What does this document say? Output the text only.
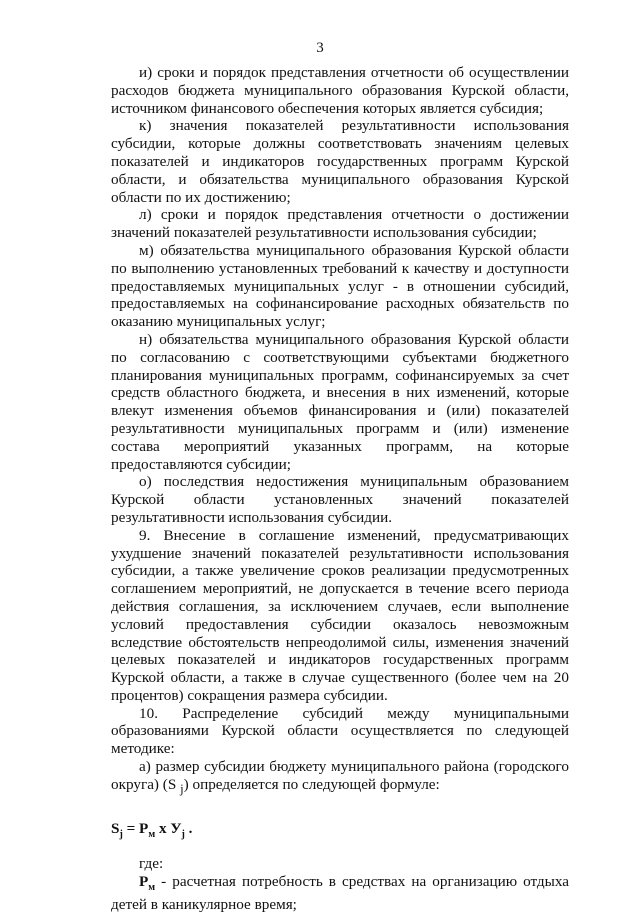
3

и) сроки и порядок представления отчетности об осуществлении расходов бюджета муниципального образования Курской области, источником финансового обеспечения которых является субсидия;

к) значения показателей результативности использования субсидии, которые должны соответствовать значениям целевых показателей и индикаторов государственных программ Курской области, и обязательства муниципального образования Курской области по их достижению;

л) сроки и порядок представления отчетности о достижении значений показателей результативности использования субсидии;

м) обязательства муниципального образования Курской области по выполнению установленных требований к качеству и доступности предоставляемых муниципальных услуг - в отношении субсидий, предоставляемых на софинансирование расходных обязательств по оказанию муниципальных услуг;

н) обязательства муниципального образования Курской области по согласованию с соответствующими субъектами бюджетного планирования муниципальных программ, софинансируемых за счет средств областного бюджета, и внесения в них изменений, которые влекут изменения объемов финансирования и (или) показателей результативности муниципальных программ и (или) изменение состава мероприятий указанных программ, на которые предоставляются субсидии;

о) последствия недостижения муниципальным образованием Курской области установленных значений показателей результативности использования субсидии.

9. Внесение в соглашение изменений, предусматривающих ухудшение значений показателей результативности использования субсидии, а также увеличение сроков реализации предусмотренных соглашением мероприятий, не допускается в течение всего периода действия соглашения, за исключением случаев, если выполнение условий предоставления субсидии оказалось невозможным вследствие обстоятельств непреодолимой силы, изменения значений целевых показателей и индикаторов государственных программ Курской области, а также в случае существенного (более чем на 20 процентов) сокращения размера субсидии.

10. Распределение субсидий между муниципальными образованиями Курской области осуществляется по следующей методике:

а) размер субсидии бюджету муниципального района (городского округа) (S $_j$) определяется по следующей формуле:

$S_j = P_м$ x $У_j$ .

где:

$P_м$ - расчетная потребность в средствах на организацию отдыха детей в каникулярное время;
